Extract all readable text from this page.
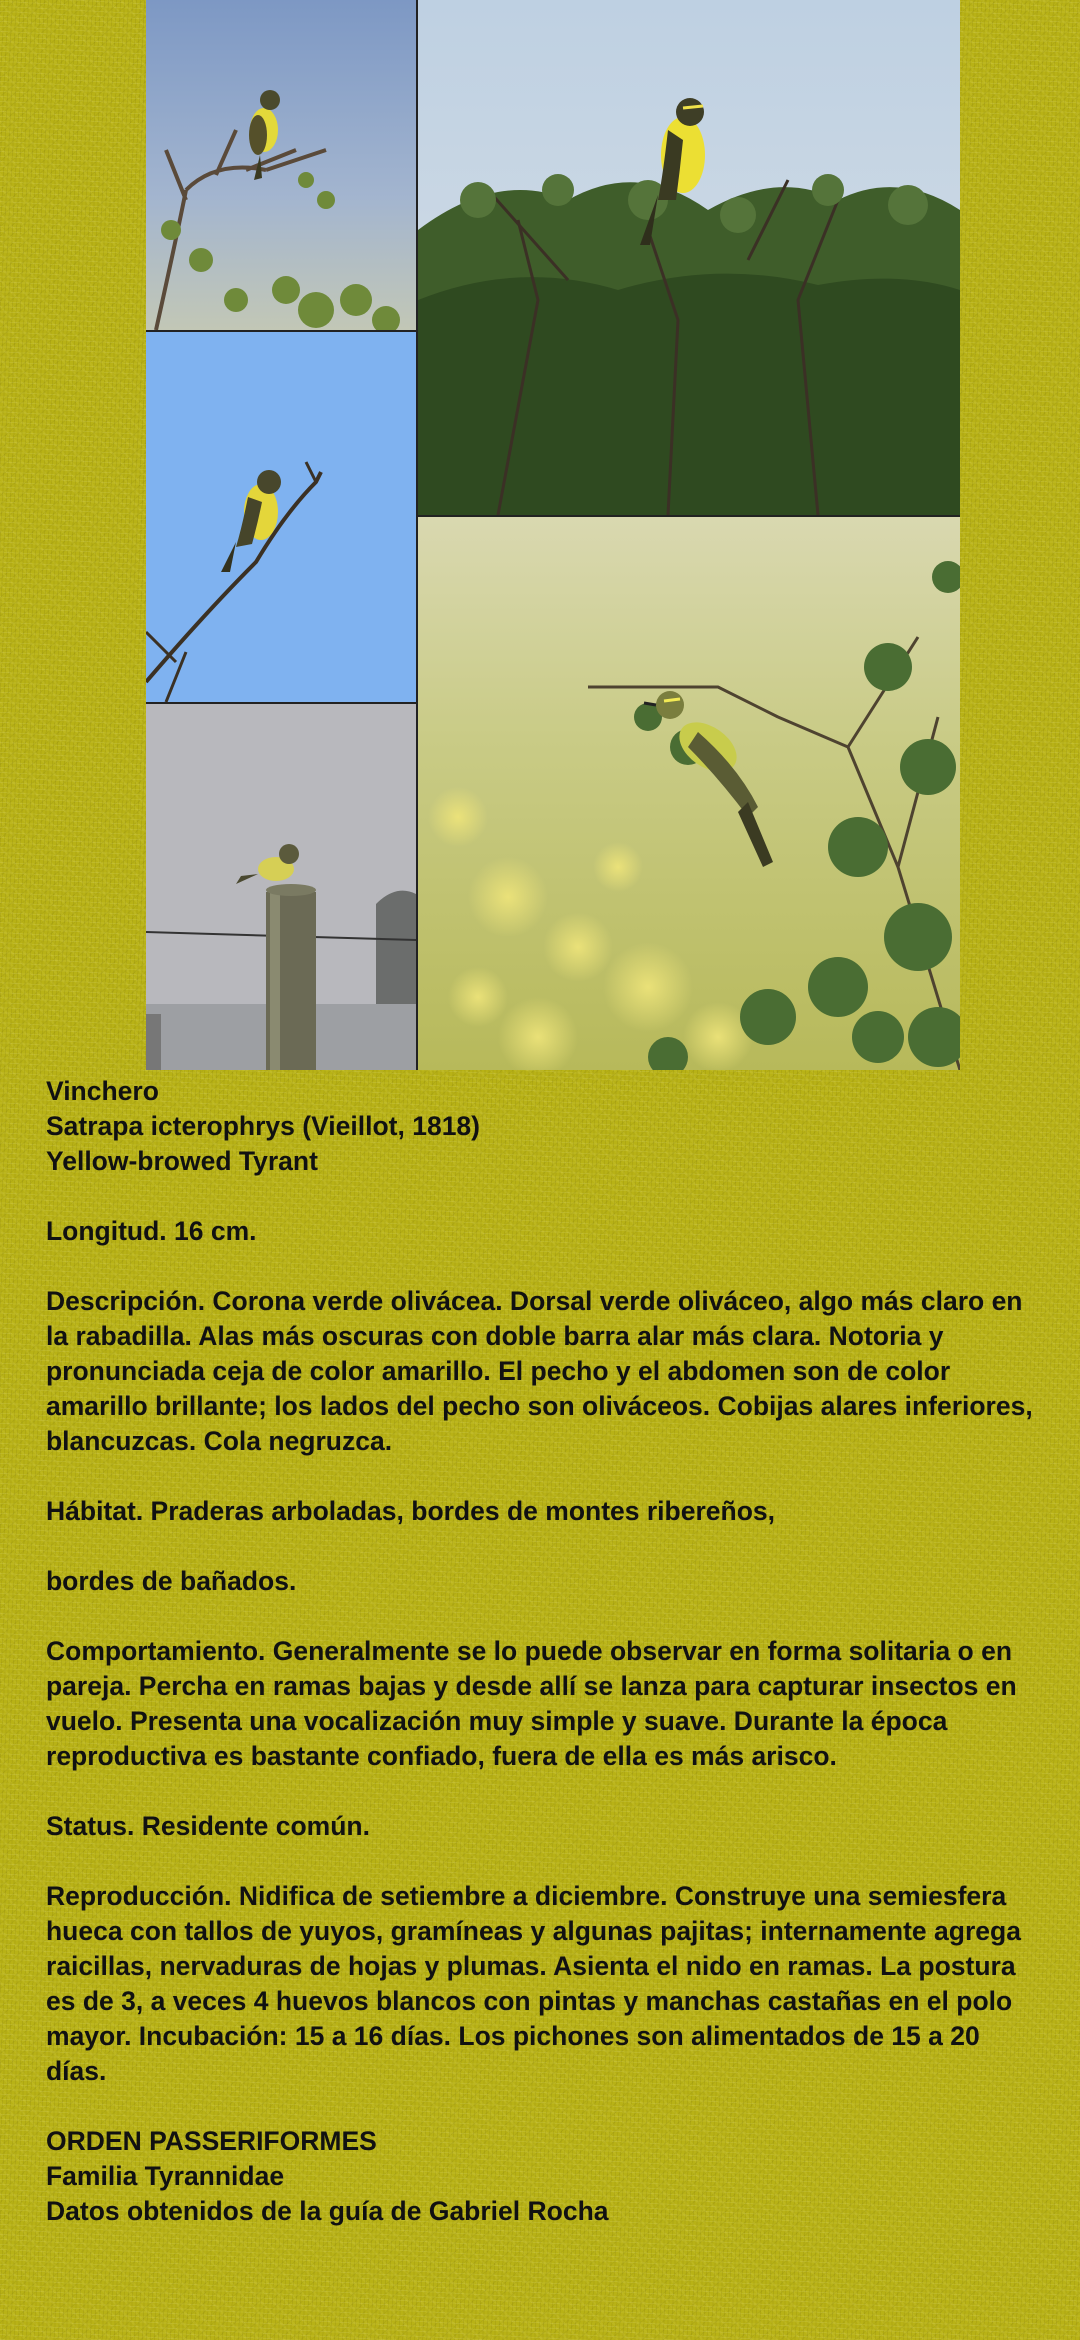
Vinchero

Satrapa icterophrys (Vieillot, 1818)

Yellow-browed Tyrant

Longitud. 16 cm.

Descripción. Corona verde olivácea. Dorsal verde oliváceo, algo más claro en la rabadilla. Alas más oscuras con doble barra alar más clara. Notoria y pronunciada ceja de color amarillo. El pecho y el abdomen son de color amarillo brillante; los lados del pecho son oliváceos. Cobijas alares inferiores, blancuzcas. Cola negruzca.

Hábitat. Praderas arboladas, bordes de montes ribereños,

bordes de bañados.

Comportamiento. Generalmente se lo puede observar en forma solitaria o en pareja. Percha en ramas bajas y desde allí se lanza para capturar insectos en vuelo. Presenta una vocalización muy simple y suave. Durante la época reproductiva es bastante confiado, fuera de ella es más arisco.

Status. Residente común.

Reproducción. Nidifica de setiembre a diciembre. Construye una semiesfera hueca con tallos de yuyos, gramíneas y algunas pajitas; internamente agrega raicillas, nervaduras de hojas y plumas. Asienta el nido en ramas. La postura es de 3, a veces 4 huevos blancos con pintas y manchas castañas en el polo mayor. Incubación: 15 a 16 días. Los pichones son alimentados de 15 a 20 días.

ORDEN PASSERIFORMES

Familia Tyrannidae

Datos obtenidos de la guía de Gabriel Rocha
